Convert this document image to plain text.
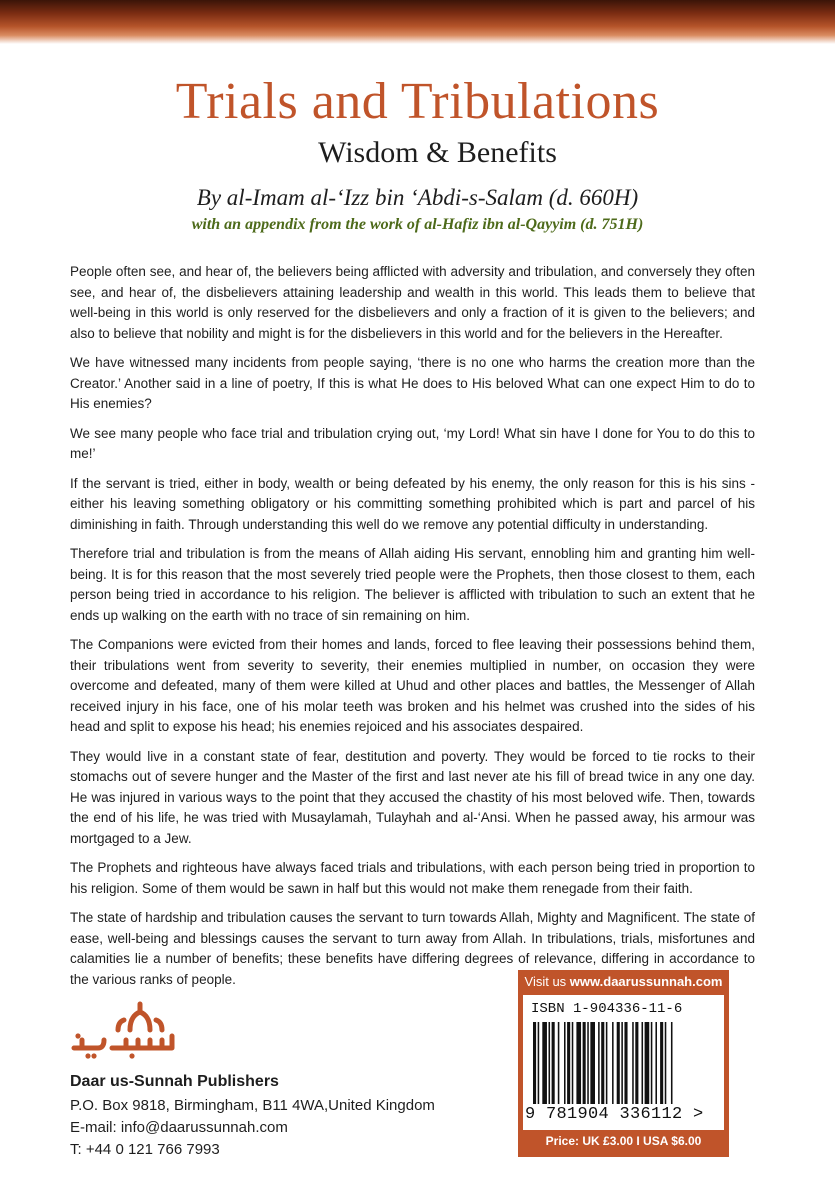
Trials and Tribulations
Wisdom & Benefits
By al-Imam al-‘Izz bin ‘Abdi-s-Salam (d. 660H)
with an appendix from the work of al-Hafiz ibn al-Qayyim (d. 751H)

People often see, and hear of, the believers being afflicted with adversity and tribulation, and conversely they often see, and hear of, the disbelievers attaining leadership and wealth in this world. This leads them to believe that well-being in this world is only reserved for the disbelievers and only a fraction of it is given to the believers; and also to believe that nobility and might is for the disbelievers in this world and for the believers in the Hereafter.

We have witnessed many incidents from people saying, ‘there is no one who harms the creation more than the Creator.’ Another said in a line of poetry, If this is what He does to His beloved What can one expect Him to do to His enemies?

We see many people who face trial and tribulation crying out, ‘my Lord! What sin have I done for You to do this to me!’

If the servant is tried, either in body, wealth or being defeated by his enemy, the only reason for this is his sins - either his leaving something obligatory or his committing something prohibited which is part and parcel of his diminishing in faith. Through understanding this well do we remove any potential difficulty in understanding.

Therefore trial and tribulation is from the means of Allah aiding His servant, ennobling him and granting him well-being. It is for this reason that the most severely tried people were the Prophets, then those closest to them, each person being tried in accordance to his religion. The believer is afflicted with tribulation to such an extent that he ends up walking on the earth with no trace of sin remaining on him.

The Companions were evicted from their homes and lands, forced to flee leaving their possessions behind them, their tribulations went from severity to severity, their enemies multiplied in number, on occasion they were overcome and defeated, many of them were killed at Uhud and other places and battles, the Messenger of Allah received injury in his face, one of his molar teeth was broken and his helmet was crushed into the sides of his head and split to expose his head; his enemies rejoiced and his associates despaired.

They would live in a constant state of fear, destitution and poverty. They would be forced to tie rocks to their stomachs out of severe hunger and the Master of the first and last never ate his fill of bread twice in any one day. He was injured in various ways to the point that they accused the chastity of his most beloved wife. Then, towards the end of his life, he was tried with Musaylamah, Tulayhah and al-‘Ansi. When he passed away, his armour was mortgaged to a Jew.

The Prophets and righteous have always faced trials and tribulations, with each person being tried in proportion to his religion. Some of them would be sawn in half but this would not make them renegade from their faith.

The state of hardship and tribulation causes the servant to turn towards Allah, Mighty and Magnificent. The state of ease, well-being and blessings causes the servant to turn away from Allah. In tribulations, trials, misfortunes and calamities lie a number of benefits; these benefits have differing degrees of relevance, differing in accordance to the various ranks of people.

Daar us-Sunnah Publishers
P.O. Box 9818, Birmingham, B11 4WA,United Kingdom
E-mail: info@daarussunnah.com
T: +44 0 121 766 7993
Visit us www.daarussunnah.com
ISBN 1-904336-11-6
9 781904 336112 >
Price: UK £3.00 I USA $6.00
